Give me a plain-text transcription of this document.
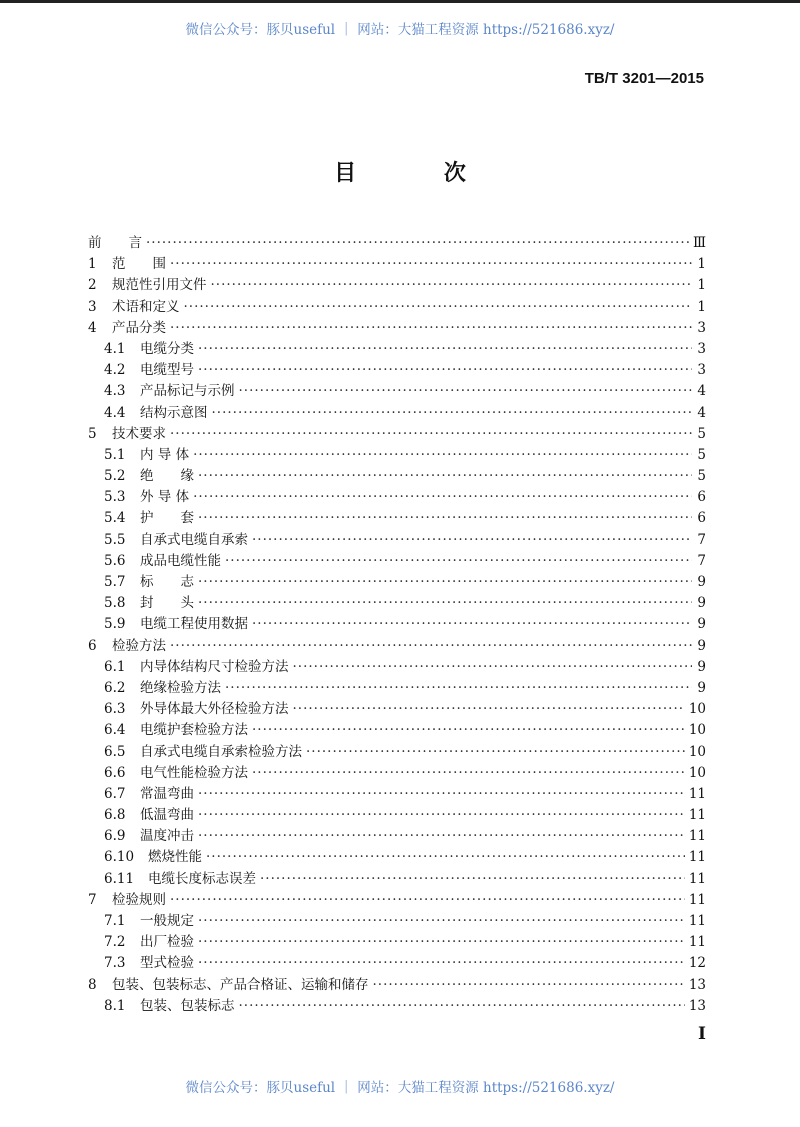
微信公众号：豚贝useful ｜ 网站：大猫工程资源 https://521686.xyz/
TB/T 3201—2015
目 次
前　　言 ·····	Ⅲ
1	范　　围 ·····	1
2	规范性引用文件 ·····	1
3	术语和定义 ·····	1
4	产品分类 ·····	3
4.1	电缆分类 ·····	3
4.2	电缆型号 ·····	3
4.3	产品标记与示例 ·····	4
4.4	结构示意图 ·····	4
5	技术要求 ·····	5
5.1	内 导 体 ·····	5
5.2	绝　　缘 ·····	5
5.3	外 导 体 ·····	6
5.4	护　　套 ·····	6
5.5	自承式电缆自承索 ·····	7
5.6	成品电缆性能 ·····	7
5.7	标　　志 ·····	9
5.8	封　　头 ·····	9
5.9	电缆工程使用数据 ·····	9
6	检验方法 ·····	9
6.1	内导体结构尺寸检验方法 ·····	9
6.2	绝缘检验方法 ·····	9
6.3	外导体最大外径检验方法 ·····	10
6.4	电缆护套检验方法 ·····	10
6.5	自承式电缆自承索检验方法 ·····	10
6.6	电气性能检验方法 ·····	10
6.7	常温弯曲 ·····	11
6.8	低温弯曲 ·····	11
6.9	温度冲击 ·····	11
6.10	燃烧性能 ·····	11
6.11	电缆长度标志误差 ·····	11
7	检验规则 ·····	11
7.1	一般规定 ·····	11
7.2	出厂检验 ·····	11
7.3	型式检验 ·····	12
8	包装、包装标志、产品合格证、运输和储存 ·····	13
8.1	包装、包装标志 ·····	13
I
微信公众号：豚贝useful ｜ 网站：大猫工程资源 https://521686.xyz/
